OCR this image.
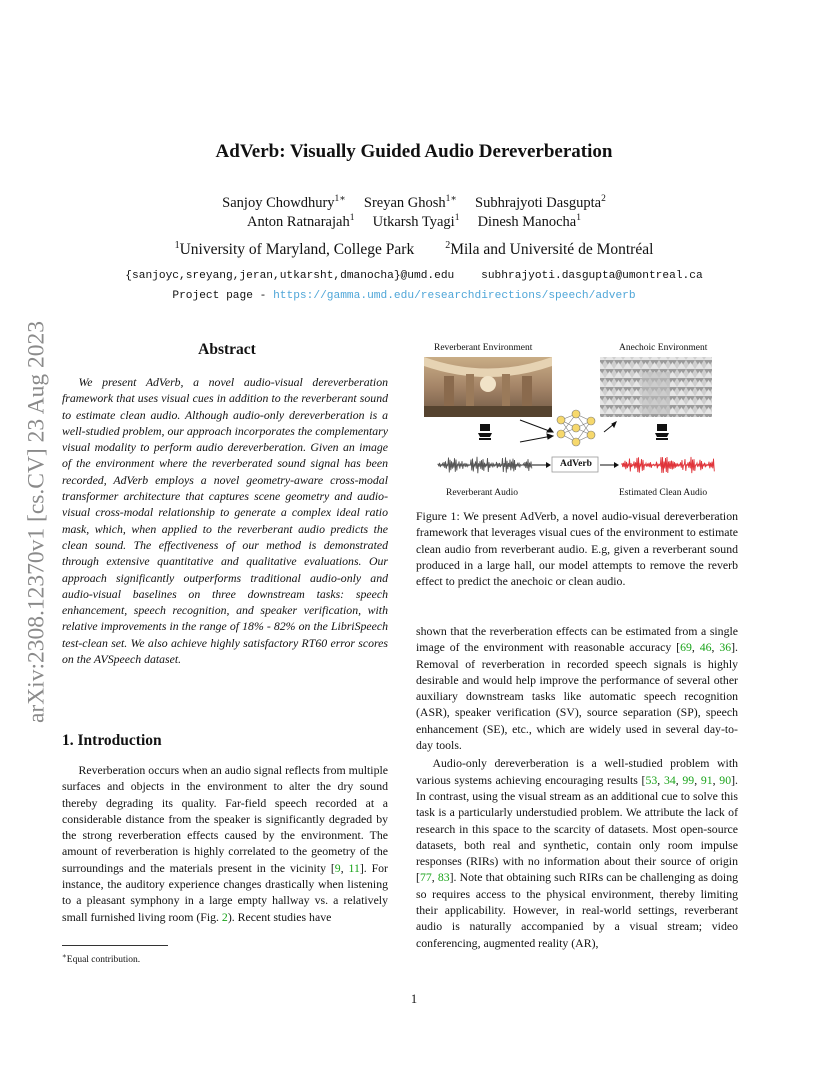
arXiv:2308.12370v1 [cs.CV] 23 Aug 2023
AdVerb: Visually Guided Audio Dereverberation
Sanjoy Chowdhury$^{1∗}$ Sreyan Ghosh$^{1∗}$ Subhrajyoti Dasgupta$^2$
Anton Ratnarajah$^1$ Utkarsh Tyagi$^1$ Dinesh Manocha$^1$
$^1$University of Maryland, College Park	$^2$Mila and Université de Montréal
{sanjoyc,sreyang,jeran,utkarsht,dmanocha}@umd.edu subhrajyoti.dasgupta@umontreal.ca
Project page - https://gamma.umd.edu/researchdirections/speech/adverb
Abstract

We present AdVerb, a novel audio-visual dereverberation framework that uses visual cues in addition to the reverberant sound to estimate clean audio. Although audio-only dereverberation is a well-studied problem, our approach incorporates the complementary visual modality to perform audio dereverberation. Given an image of the environment where the reverberated sound signal has been recorded, AdVerb employs a novel geometry-aware cross-modal transformer architecture that captures scene geometry and audio-visual cross-modal relationship to generate a complex ideal ratio mask, which, when applied to the reverberant audio predicts the clean sound. The effectiveness of our method is demonstrated through extensive quantitative and qualitative evaluations. Our approach significantly outperforms traditional audio-only and audio-visual baselines on three downstream tasks: speech enhancement, speech recognition, and speaker verification, with relative improvements in the range of 18% - 82% on the LibriSpeech test-clean set. We also achieve highly satisfactory RT60 error scores on the AVSpeech dataset.

1. Introduction

Reverberation occurs when an audio signal reflects from multiple surfaces and objects in the environment to alter the dry sound thereby degrading its quality. Far-field speech recorded at a considerable distance from the speaker is significantly degraded by the strong reverberation effects caused by the environment. The amount of reverberation is highly correlated to the geometry of the surroundings and the materials present in the vicinity [9, 11]. For instance, the auditory experience changes drastically when listening to a pleasant symphony in a large empty hallway vs. a relatively small furnished living room (Fig. 2). Recent studies have

∗Equal contribution.
Reverberant Environment	Anechoic Environment
AdVerb
Reverberant Audio	Estimated Clean Audio
Figure 1: We present AdVerb, a novel audio-visual dereverberation framework that leverages visual cues of the environment to estimate clean audio from reverberant audio. E.g, given a reverberant sound produced in a large hall, our model attempts to remove the reverb effect to predict the anechoic or clean audio.

shown that the reverberation effects can be estimated from a single image of the environment with reasonable accuracy [69, 46, 36]. Removal of reverberation in recorded speech signals is highly desirable and would help improve the performance of several other auxiliary downstream tasks like automatic speech recognition (ASR), speaker verification (SV), source separation (SP), speech enhancement (SE), etc., which are widely used in several day-to-day tools.

Audio-only dereverberation is a well-studied problem with various systems achieving encouraging results [53, 34, 99, 91, 90]. In contrast, using the visual stream as an additional cue to solve this task is a particularly understudied problem. We attribute the lack of research in this space to the scarcity of datasets. Most open-source datasets, both real and synthetic, contain only room impulse responses (RIRs) with no information about their source of origin [77, 83]. Note that obtaining such RIRs can be challenging as doing so requires access to the physical environment, thereby limiting their applicability. However, in real-world settings, reverberant audio is naturally accompanied by a visual stream; video conferencing, augmented reality (AR),

1
